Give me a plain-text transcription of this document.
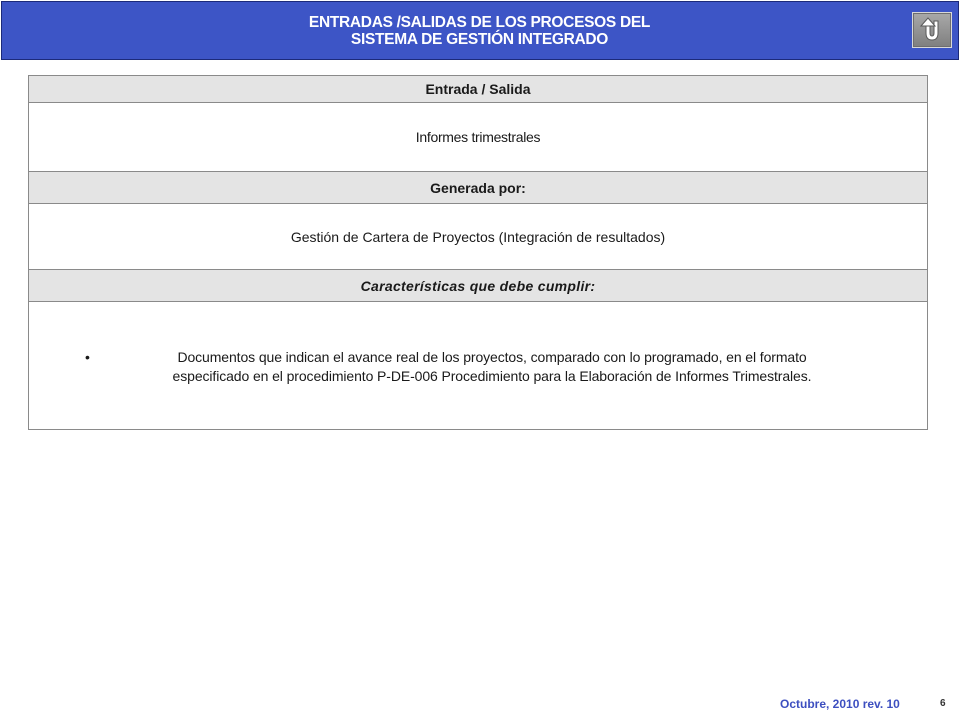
ENTRADAS /SALIDAS DE LOS PROCESOS DEL
SISTEMA DE GESTIÓN INTEGRADO
Entrada / Salida
Informes trimestrales
Generada por:
Gestión de Cartera de Proyectos (Integración de resultados)
Características que debe cumplir:
•	Documentos que indican el avance real de los proyectos, comparado con lo programado, en el formato
especificado en el procedimiento P-DE-006 Procedimiento para la Elaboración de Informes Trimestrales.
Octubre, 2010 rev. 10	6
